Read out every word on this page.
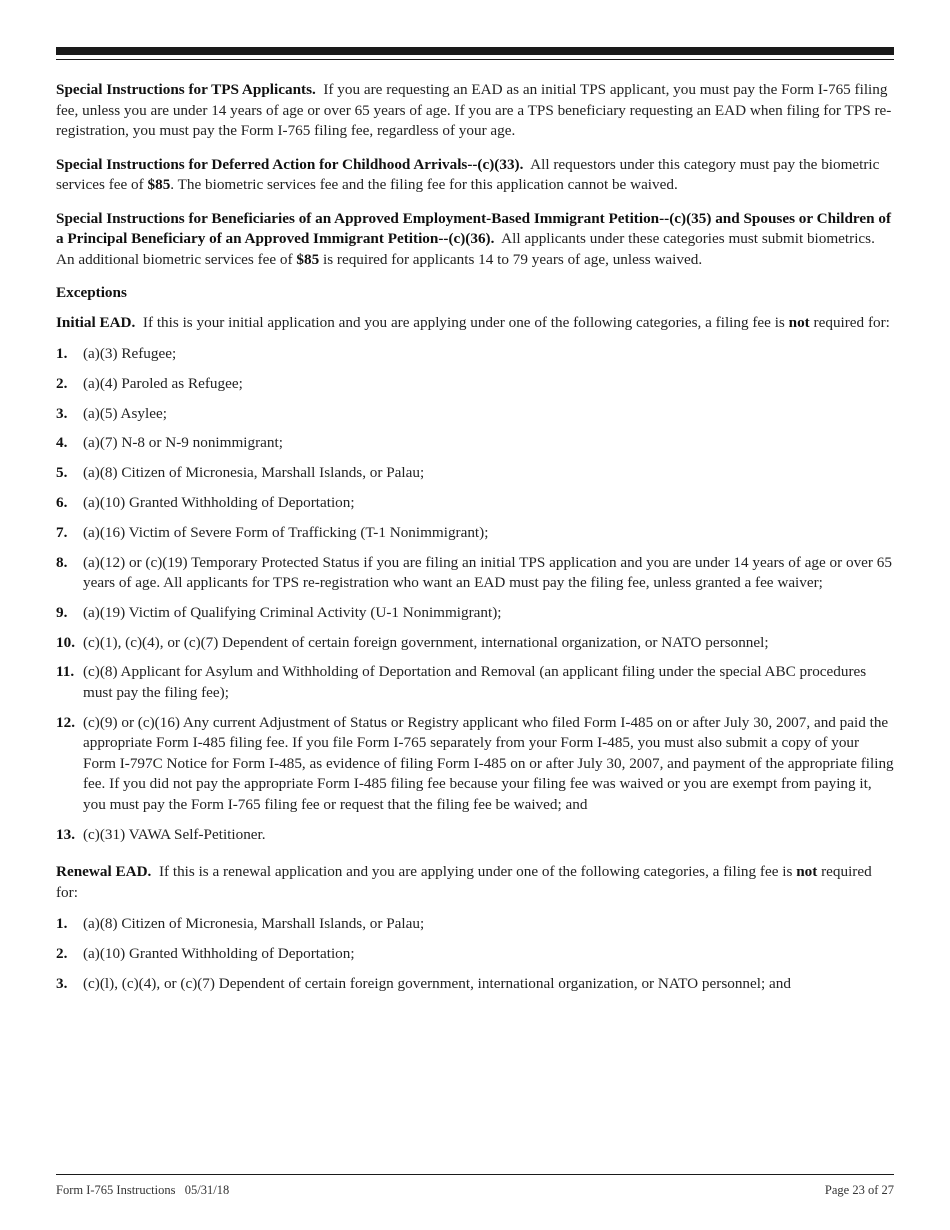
Special Instructions for TPS Applicants. If you are requesting an EAD as an initial TPS applicant, you must pay the Form I-765 filing fee, unless you are under 14 years of age or over 65 years of age. If you are a TPS beneficiary requesting an EAD when filing for TPS re-registration, you must pay the Form I-765 filing fee, regardless of your age.

Special Instructions for Deferred Action for Childhood Arrivals--(c)(33). All requestors under this category must pay the biometric services fee of $85. The biometric services fee and the filing fee for this application cannot be waived.

Special Instructions for Beneficiaries of an Approved Employment-Based Immigrant Petition--(c)(35) and Spouses or Children of a Principal Beneficiary of an Approved Immigrant Petition--(c)(36). All applicants under these categories must submit biometrics. An additional biometric services fee of $85 is required for applicants 14 to 79 years of age, unless waived.

Exceptions

Initial EAD. If this is your initial application and you are applying under one of the following categories, a filing fee is not required for:

1.	(a)(3) Refugee;
2.	(a)(4) Paroled as Refugee;
3.	(a)(5) Asylee;
4.	(a)(7) N-8 or N-9 nonimmigrant;
5.	(a)(8) Citizen of Micronesia, Marshall Islands, or Palau;
6.	(a)(10) Granted Withholding of Deportation;
7.	(a)(16) Victim of Severe Form of Trafficking (T-1 Nonimmigrant);
8.	(a)(12) or (c)(19) Temporary Protected Status if you are filing an initial TPS application and you are under 14 years of age or over 65 years of age. All applicants for TPS re-registration who want an EAD must pay the filing fee, unless granted a fee waiver;
9.	(a)(19) Victim of Qualifying Criminal Activity (U-1 Nonimmigrant);
10. (c)(1), (c)(4), or (c)(7) Dependent of certain foreign government, international organization, or NATO personnel;
11. (c)(8) Applicant for Asylum and Withholding of Deportation and Removal (an applicant filing under the special ABC procedures must pay the filing fee);
12. (c)(9) or (c)(16) Any current Adjustment of Status or Registry applicant who filed Form I-485 on or after July 30, 2007, and paid the appropriate Form I-485 filing fee. If you file Form I-765 separately from your Form I-485, you must also submit a copy of your Form I-797C Notice for Form I-485, as evidence of filing Form I-485 on or after July 30, 2007, and payment of the appropriate filing fee. If you did not pay the appropriate Form I-485 filing fee because your filing fee was waived or you are exempt from paying it, you must pay the Form I-765 filing fee or request that the filing fee be waived; and
13. (c)(31) VAWA Self-Petitioner.

Renewal EAD. If this is a renewal application and you are applying under one of the following categories, a filing fee is not required for:

1.	(a)(8) Citizen of Micronesia, Marshall Islands, or Palau;
2.	(a)(10) Granted Withholding of Deportation;
3.	(c)(l), (c)(4), or (c)(7) Dependent of certain foreign government, international organization, or NATO personnel; and
Form I-765 Instructions   05/31/18	Page 23 of 27
